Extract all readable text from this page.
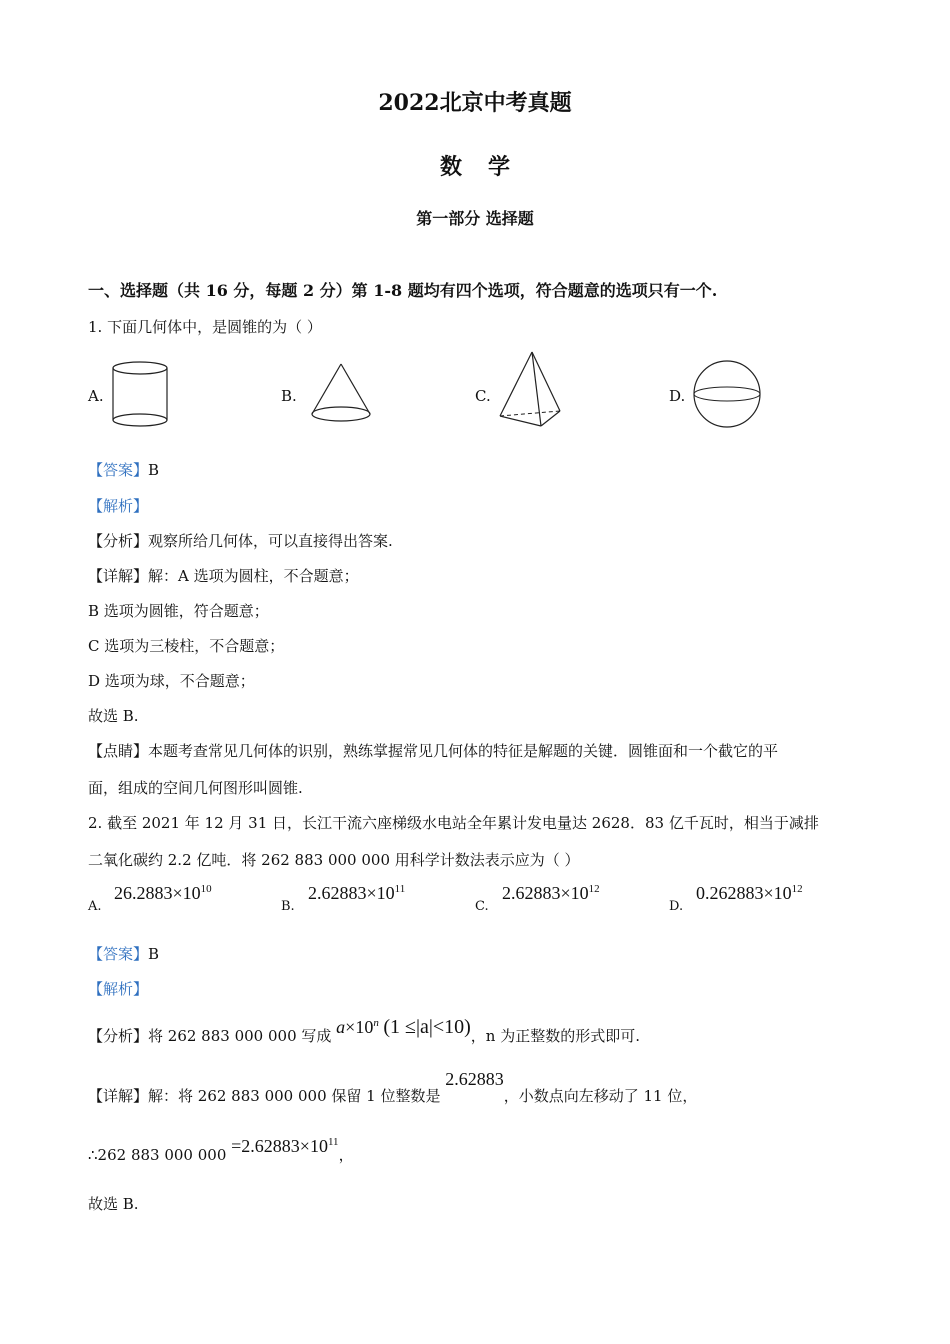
2022北京中考真题
数学
第一部分 选择题
一、选择题（共 16 分，每题 2 分）第 1-8 题均有四个选项，符合题意的选项只有一个.
1. 下面几何体中，是圆锥的为（ ）
A.	B.	C.	D.
【答案】B
【解析】
【分析】观察所给几何体，可以直接得出答案.
【详解】解：A 选项为圆柱，不合题意；
B 选项为圆锥，符合题意；
C 选项为三棱柱，不合题意；
D 选项为球，不合题意；
故选 B.
【点睛】本题考查常见几何体的识别，熟练掌握常见几何体的特征是解题的关键．圆锥面和一个截它的平
面，组成的空间几何图形叫圆锥.
2. 截至 2021 年 12 月 31 日，长江干流六座梯级水电站全年累计发电量达 2628．83 亿千瓦时，相当于减排
二氧化碳约 2.2 亿吨．将 262 883 000 000 用科学计数法表示应为（ ）
A.
$26.2883\times 10^{10}$
B.
$2.62883\times 10^{11}$
C.
$2.62883\times 10^{12}$
D.
$0.262883\times 10^{12}$
【答案】B
【解析】
【分析】将 262 883 000 000 写成 $a\times 10^n$ (1 ≤|a|<10)，n 为正整数的形式即可.
【详解】解：将 262 883 000 000 保留 1 位整数是 2.62883，小数点向左移动了 11 位，
∴262 883 000 $000 =2.62883\times 10^{11}$，
故选 B.
